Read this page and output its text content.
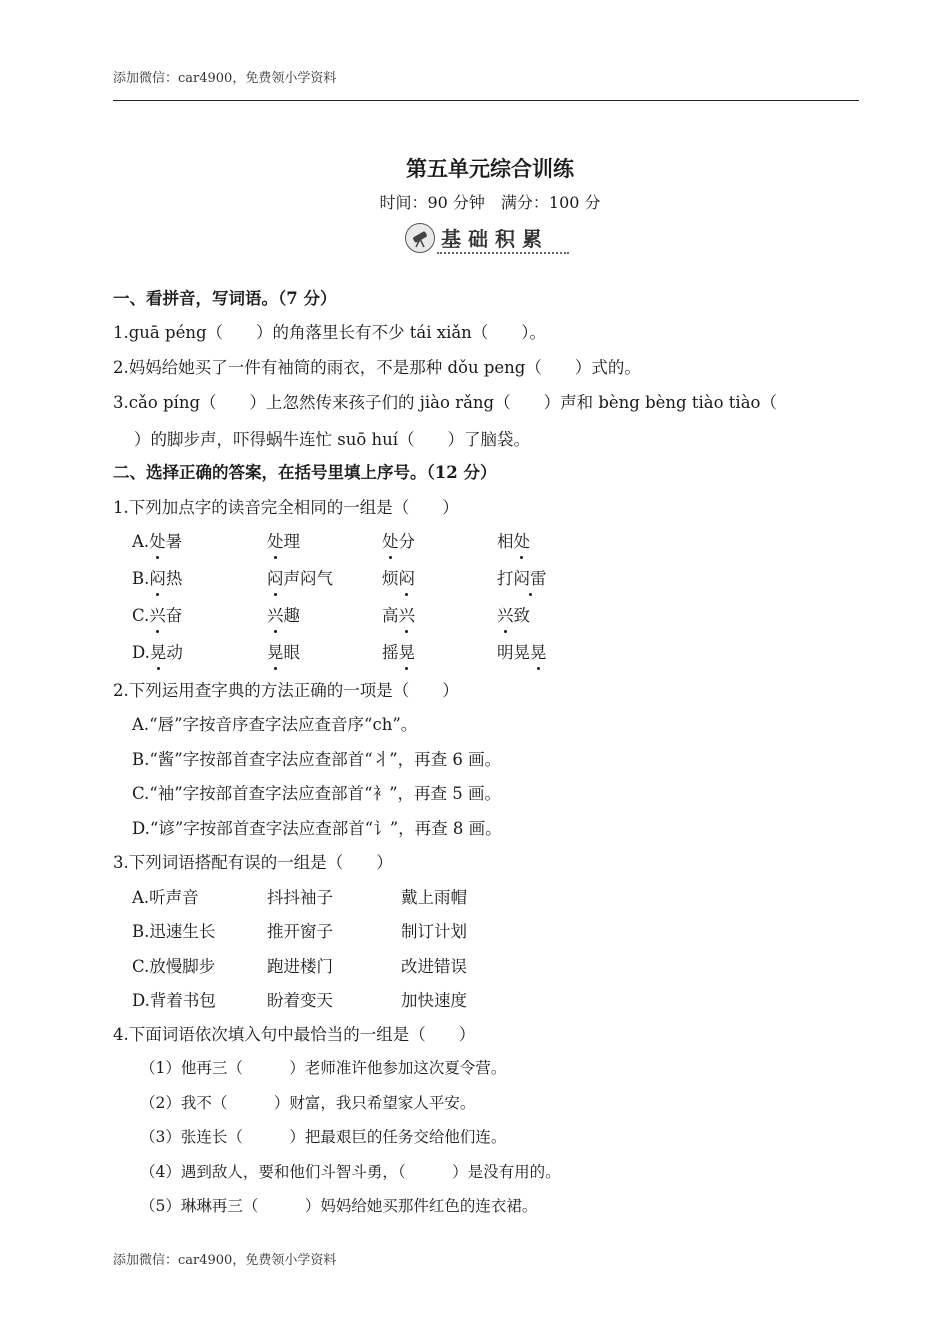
添加微信：car4900，免费领小学资料
第五单元综合训练
时间：90 分钟　满分：100 分
基础积累
一、看拼音，写词语。（7 分）
1.guā péng（　　）的角落里长有不少 tái xiǎn（　　）。
2.妈妈给她买了一件有袖筒的雨衣，不是那种 dǒu peng（　　）式的。
3.cǎo píng（　　）上忽然传来孩子们的 jiào rǎng（　　）声和 bèng bèng tiào tiào（
）的脚步声，吓得蜗牛连忙 suō huí（　　）了脑袋。
二、选择正确的答案，在括号里填上序号。（12 分）
1.下列加点字的读音完全相同的一组是（　　）
A.处暑	处理	处分	相处
B.闷热	闷声闷气	烦闷	打闷雷
C.兴奋	兴趣	高兴	兴致
D.晃动	晃眼	摇晃	明晃晃
2.下列运用查字典的方法正确的一项是（　　）
A.“唇”字按音序查字法应查音序“ch”。
B.“酱”字按部首查字法应查部首“丬”，再查 6 画。
C.“袖”字按部首查字法应查部首“衤”，再查 5 画。
D.“谚”字按部首查字法应查部首“讠”，再查 8 画。
3.下列词语搭配有误的一组是（　　）
A.听声音	抖抖袖子	戴上雨帽
B.迅速生长	推开窗子	制订计划
C.放慢脚步	跑进楼门	改进错误
D.背着书包	盼着变天	加快速度
4.下面词语依次填入句中最恰当的一组是（　　）
（1）他再三（　　　）老师准许他参加这次夏令营。
（2）我不（　　　）财富，我只希望家人平安。
（3）张连长（　　　）把最艰巨的任务交给他们连。
（4）遇到敌人，要和他们斗智斗勇，（　　　）是没有用的。
（5）琳琳再三（　　　）妈妈给她买那件红色的连衣裙。
添加微信：car4900，免费领小学资料
